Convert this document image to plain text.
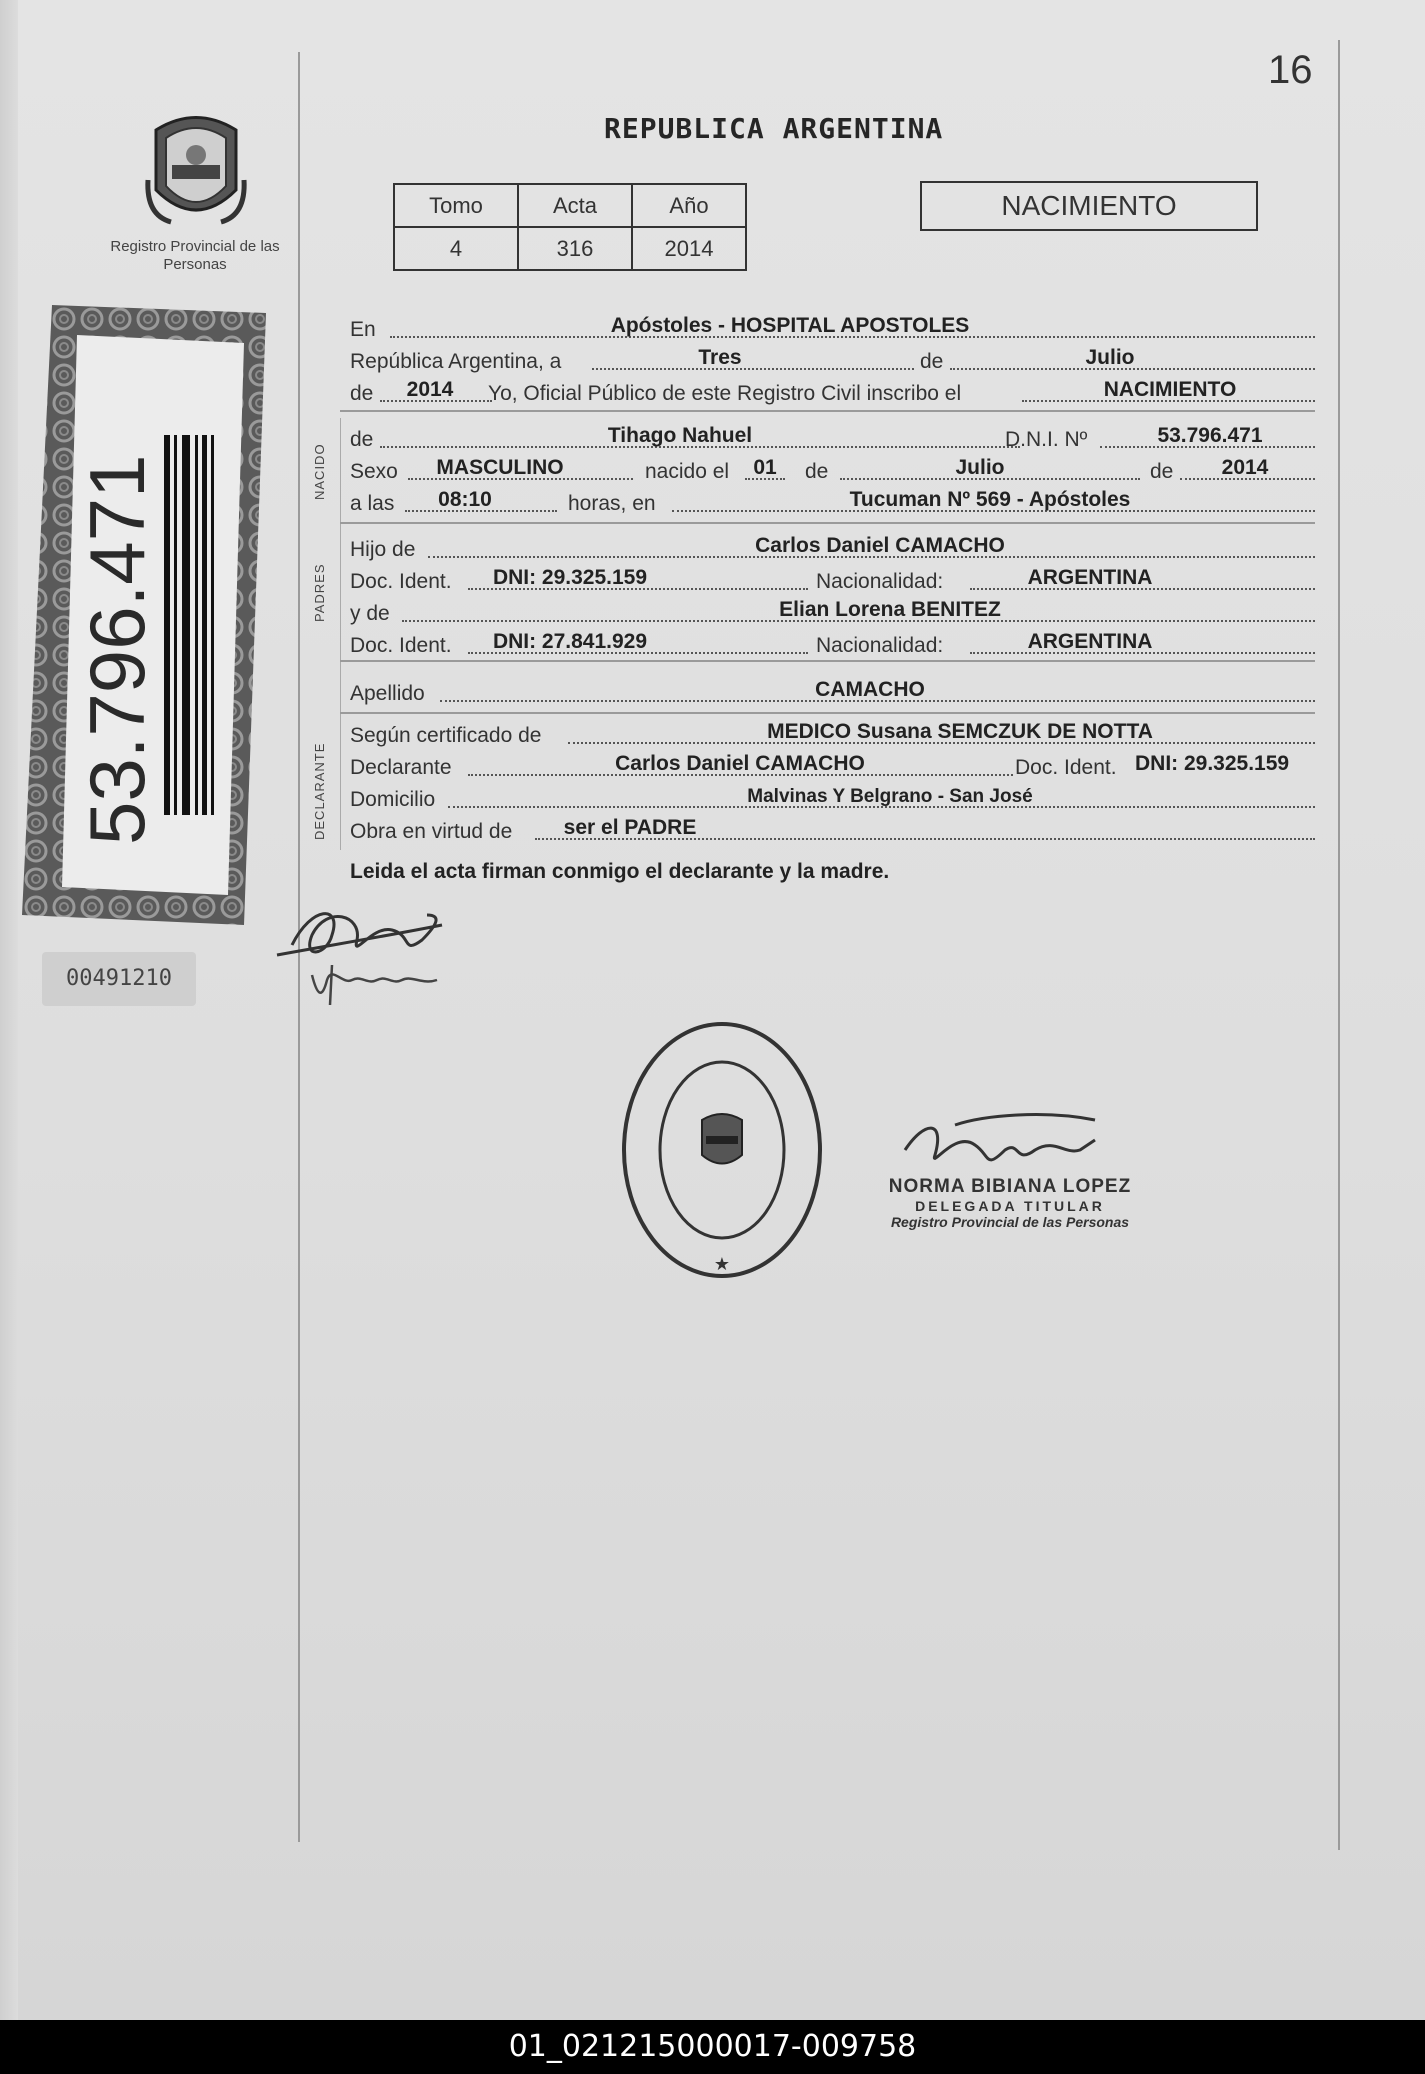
16
REPUBLICA ARGENTINA
Registro Provincial de las Personas
Tomo	Acta	Año
4	316	2014
NACIMIENTO
53.796.471
00491210
NACIDO
PADRES
DECLARANTE
En	Apóstoles - HOSPITAL APOSTOLES
República Argentina, a	Tres	de	Julio
de	2014	Yo, Oficial Público de este Registro Civil inscribo el	NACIMIENTO
de	Tihago Nahuel	D.N.I. Nº	53.796.471
Sexo	MASCULINO	nacido el	01	de	Julio	de	2014
a las	08:10	horas, en	Tucuman Nº 569 - Apóstoles
Hijo de	Carlos Daniel CAMACHO
Doc. Ident.	DNI: 29.325.159	Nacionalidad:	ARGENTINA
y de	Elian Lorena BENITEZ
Doc. Ident.	DNI: 27.841.929	Nacionalidad:	ARGENTINA
Apellido	CAMACHO
Según certificado de	MEDICO Susana SEMCZUK DE NOTTA
Declarante	Carlos Daniel CAMACHO	Doc. Ident. DNI: 29.325.159
Domicilio	Malvinas Y Belgrano - San José
Obra en virtud de	ser el PADRE
Leida el acta firman conmigo el declarante y la madre.
★
NORMA BIBIANA LOPEZ
DELEGADA TITULAR
Registro Provincial de las Personas
01_021215000017-009758
